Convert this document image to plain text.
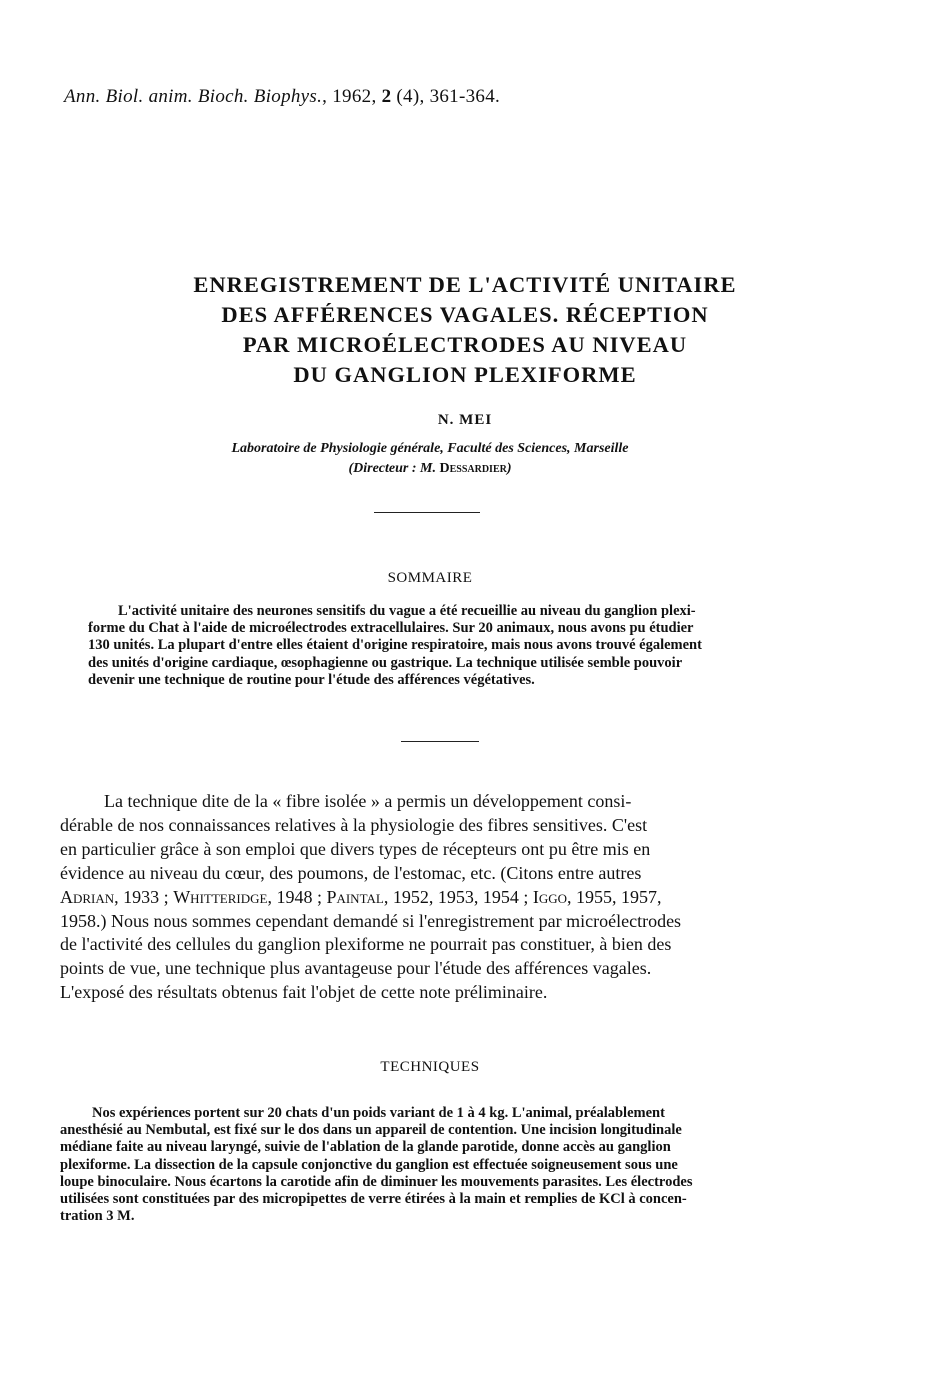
Ann. Biol. anim. Bioch. Biophys., 1962, 2 (4), 361-364.
ENREGISTREMENT DE L'ACTIVITÉ UNITAIRE
DES AFFÉRENCES VAGALES. RÉCEPTION
PAR MICROÉLECTRODES AU NIVEAU
DU GANGLION PLEXIFORME
N. MEI
Laboratoire de Physiologie générale, Faculté des Sciences, Marseille
(Directeur : M. Dessardier)
SOMMAIRE
L'activité unitaire des neurones sensitifs du vague a été recueillie au niveau du ganglion plexi-
forme du Chat à l'aide de microélectrodes extracellulaires. Sur 20 animaux, nous avons pu étudier
130 unités. La plupart d'entre elles étaient d'origine respiratoire, mais nous avons trouvé également
des unités d'origine cardiaque, œsophagienne ou gastrique. La technique utilisée semble pouvoir
devenir une technique de routine pour l'étude des afférences végétatives.
La technique dite de la « fibre isolée » a permis un développement consi-
dérable de nos connaissances relatives à la physiologie des fibres sensitives. C'est
en particulier grâce à son emploi que divers types de récepteurs ont pu être mis en
évidence au niveau du cœur, des poumons, de l'estomac, etc. (Citons entre autres
Adrian, 1933 ; Whitteridge, 1948 ; Paintal, 1952, 1953, 1954 ; Iggo, 1955, 1957,
1958.) Nous nous sommes cependant demandé si l'enregistrement par microélectrodes
de l'activité des cellules du ganglion plexiforme ne pourrait pas constituer, à bien des
points de vue, une technique plus avantageuse pour l'étude des afférences vagales.
L'exposé des résultats obtenus fait l'objet de cette note préliminaire.
TECHNIQUES
Nos expériences portent sur 20 chats d'un poids variant de 1 à 4 kg. L'animal, préalablement
anesthésié au Nembutal, est fixé sur le dos dans un appareil de contention. Une incision longitudinale
médiane faite au niveau laryngé, suivie de l'ablation de la glande parotide, donne accès au ganglion
plexiforme. La dissection de la capsule conjonctive du ganglion est effectuée soigneusement sous une
loupe binoculaire. Nous écartons la carotide afin de diminuer les mouvements parasites. Les électrodes
utilisées sont constituées par des micropipettes de verre étirées à la main et remplies de KCl à concen-
tration 3 M.
